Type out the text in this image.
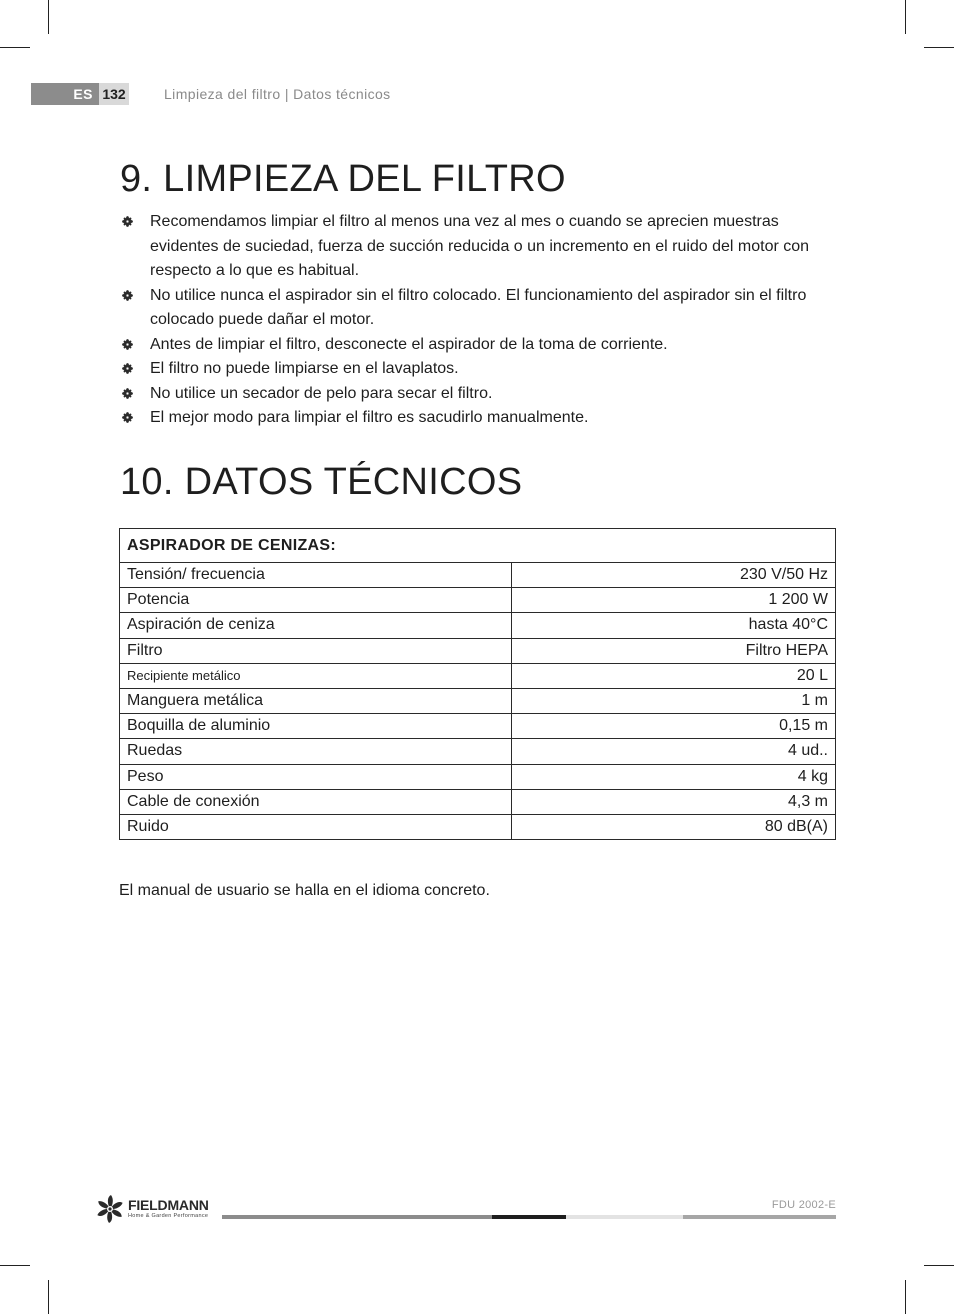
ES 132	Limpieza del filtro | Datos técnicos
9. LIMPIEZA DEL FILTRO
Recomendamos limpiar el filtro al menos una vez al mes o cuando se aprecien muestras evidentes de suciedad, fuerza de succión reducida o un incremento en el ruido del motor con respecto a lo que es habitual.
No utilice nunca el aspirador sin el filtro colocado. El funcionamiento del aspirador sin el filtro colocado puede dañar el motor.
Antes de limpiar el filtro, desconecte el aspirador de la toma de corriente.
El filtro no puede limpiarse en el lavaplatos.
No utilice un secador de pelo para secar el filtro.
El mejor modo para limpiar el filtro es sacudirlo manualmente.
10. DATOS TÉCNICOS
ASPIRADOR DE CENIZAS:	
Tensión/ frecuencia	230 V/50 Hz
Potencia	1 200 W
Aspiración de ceniza	hasta 40°C
Filtro	Filtro HEPA
Recipiente metálico	20 L
Manguera metálica	1 m
Boquilla de aluminio	0,15 m
Ruedas	4 ud..
Peso	4 kg
Cable de conexión	4,3 m
Ruido	80 dB(A)
El manual de usuario se halla en el idioma concreto.
FIELDMANN
Home & Garden Performance
FDU 2002-E
